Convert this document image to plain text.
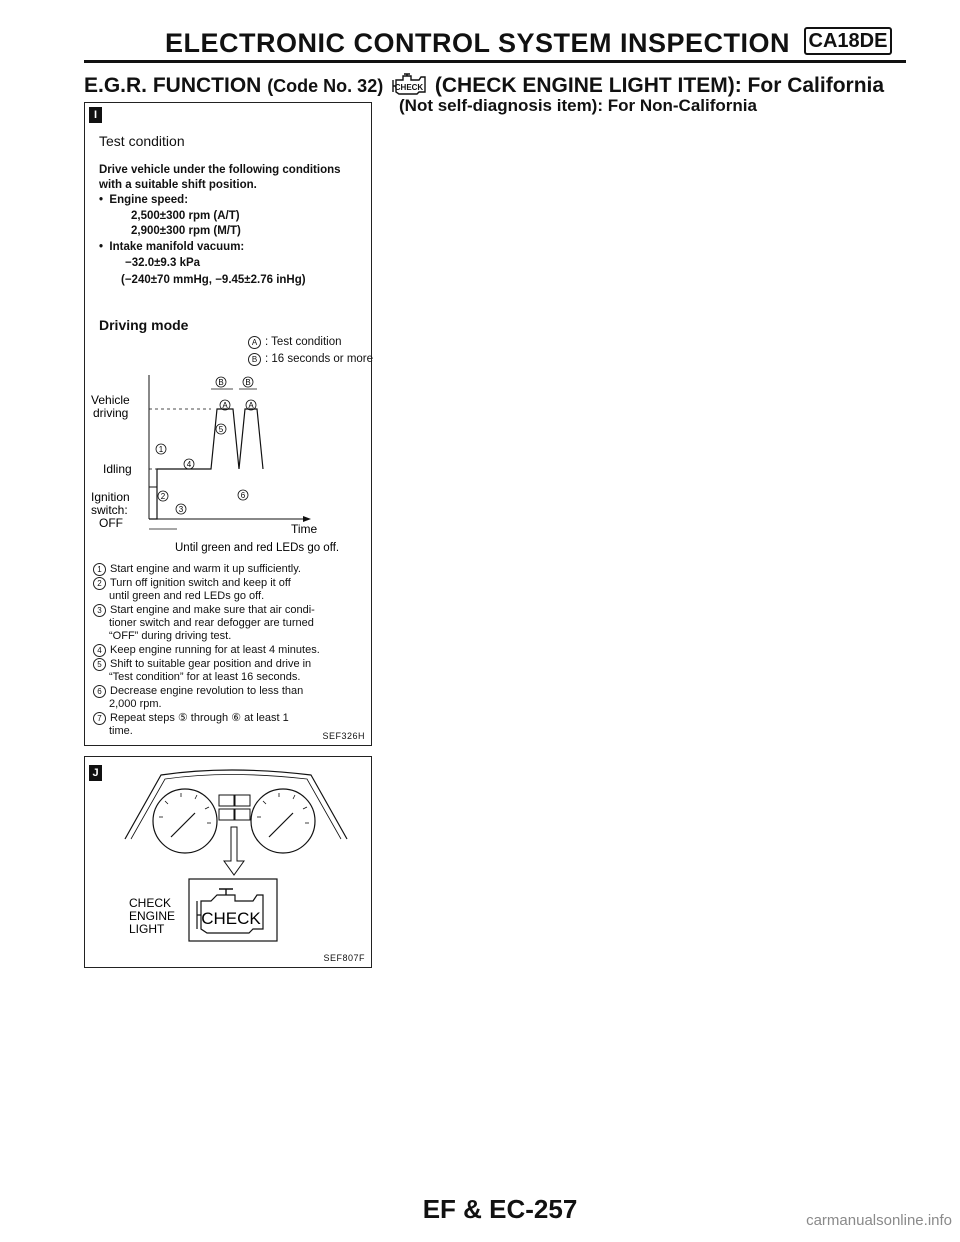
ELECTRONIC CONTROL SYSTEM INSPECTION CA18DE
E.G.R. FUNCTION (Code No. 32) CHECK (CHECK ENGINE LIGHT ITEM): For California
(Not self-diagnosis item): For Non-California
I
Test condition
Drive vehicle under the following conditions
with a suitable shift position.
•  Engine speed:
2,500±300 rpm (A/T)
2,900±300 rpm (M/T)
•  Intake manifold vacuum:
−32.0±9.3 kPa
(−240±70 mmHg, −9.45±2.76 inHg)
Driving mode
A : Test condition
B : 16 seconds or more
Vehicle
driving
Idling
Ignition
switch:
OFF	Time
Until green and red LEDs go off.
B	B
A	A
1
2
3
4
5
6
1 Start engine and warm it up sufficiently.
2 Turn off ignition switch and keep it off
until green and red LEDs go off.
3 Start engine and make sure that air condi-
tioner switch and rear defogger are turned
“OFF” during driving test.
4 Keep engine running for at least 4 minutes.
5 Shift to suitable gear position and drive in
“Test condition” for at least 16 seconds.
6 Decrease engine revolution to less than
2,000 rpm.
7 Repeat steps ⑤ through ⑥ at least 1
time.	SEF326H
J
CHECK
ENGINE
LIGHT
CHECK
SEF807F
EF & EC-257	carmanualsonline.info
